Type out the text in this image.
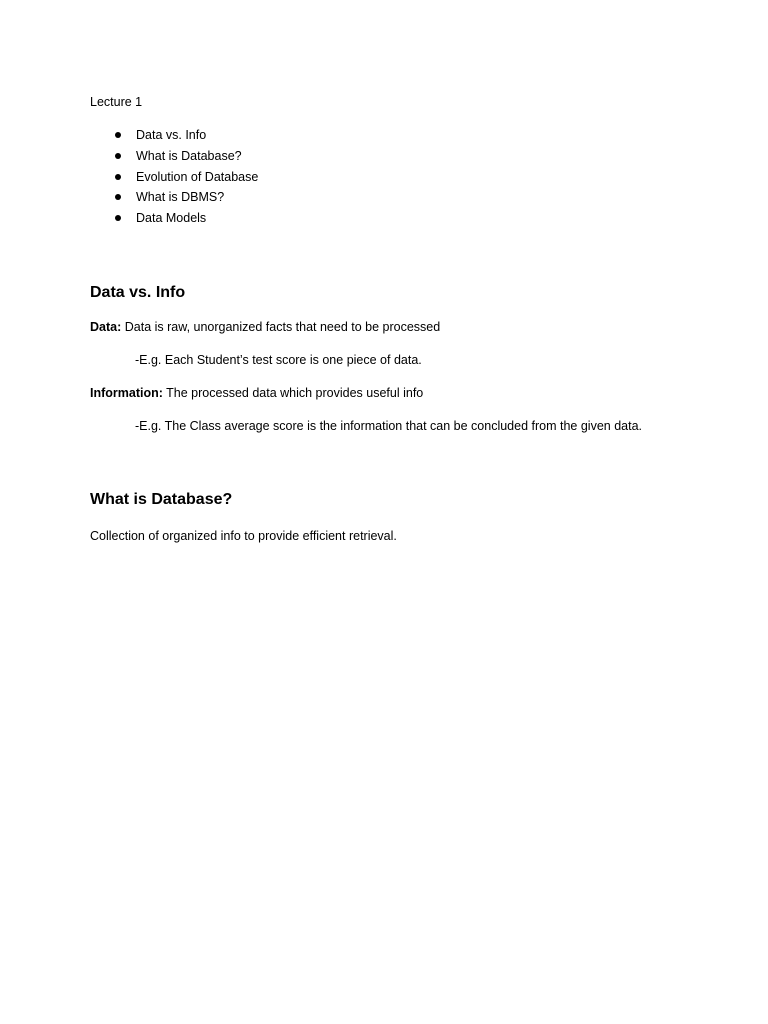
Lecture 1
Data vs. Info
What is Database?
Evolution of Database
What is DBMS?
Data Models
Data vs. Info
Data: Data is raw, unorganized facts that need to be processed
-E.g. Each Student’s test score is one piece of data.
Information: The processed data which provides useful info
-E.g. The Class average score is the information that can be concluded from the given data.
What is Database?
Collection of organized info to provide efficient retrieval.
